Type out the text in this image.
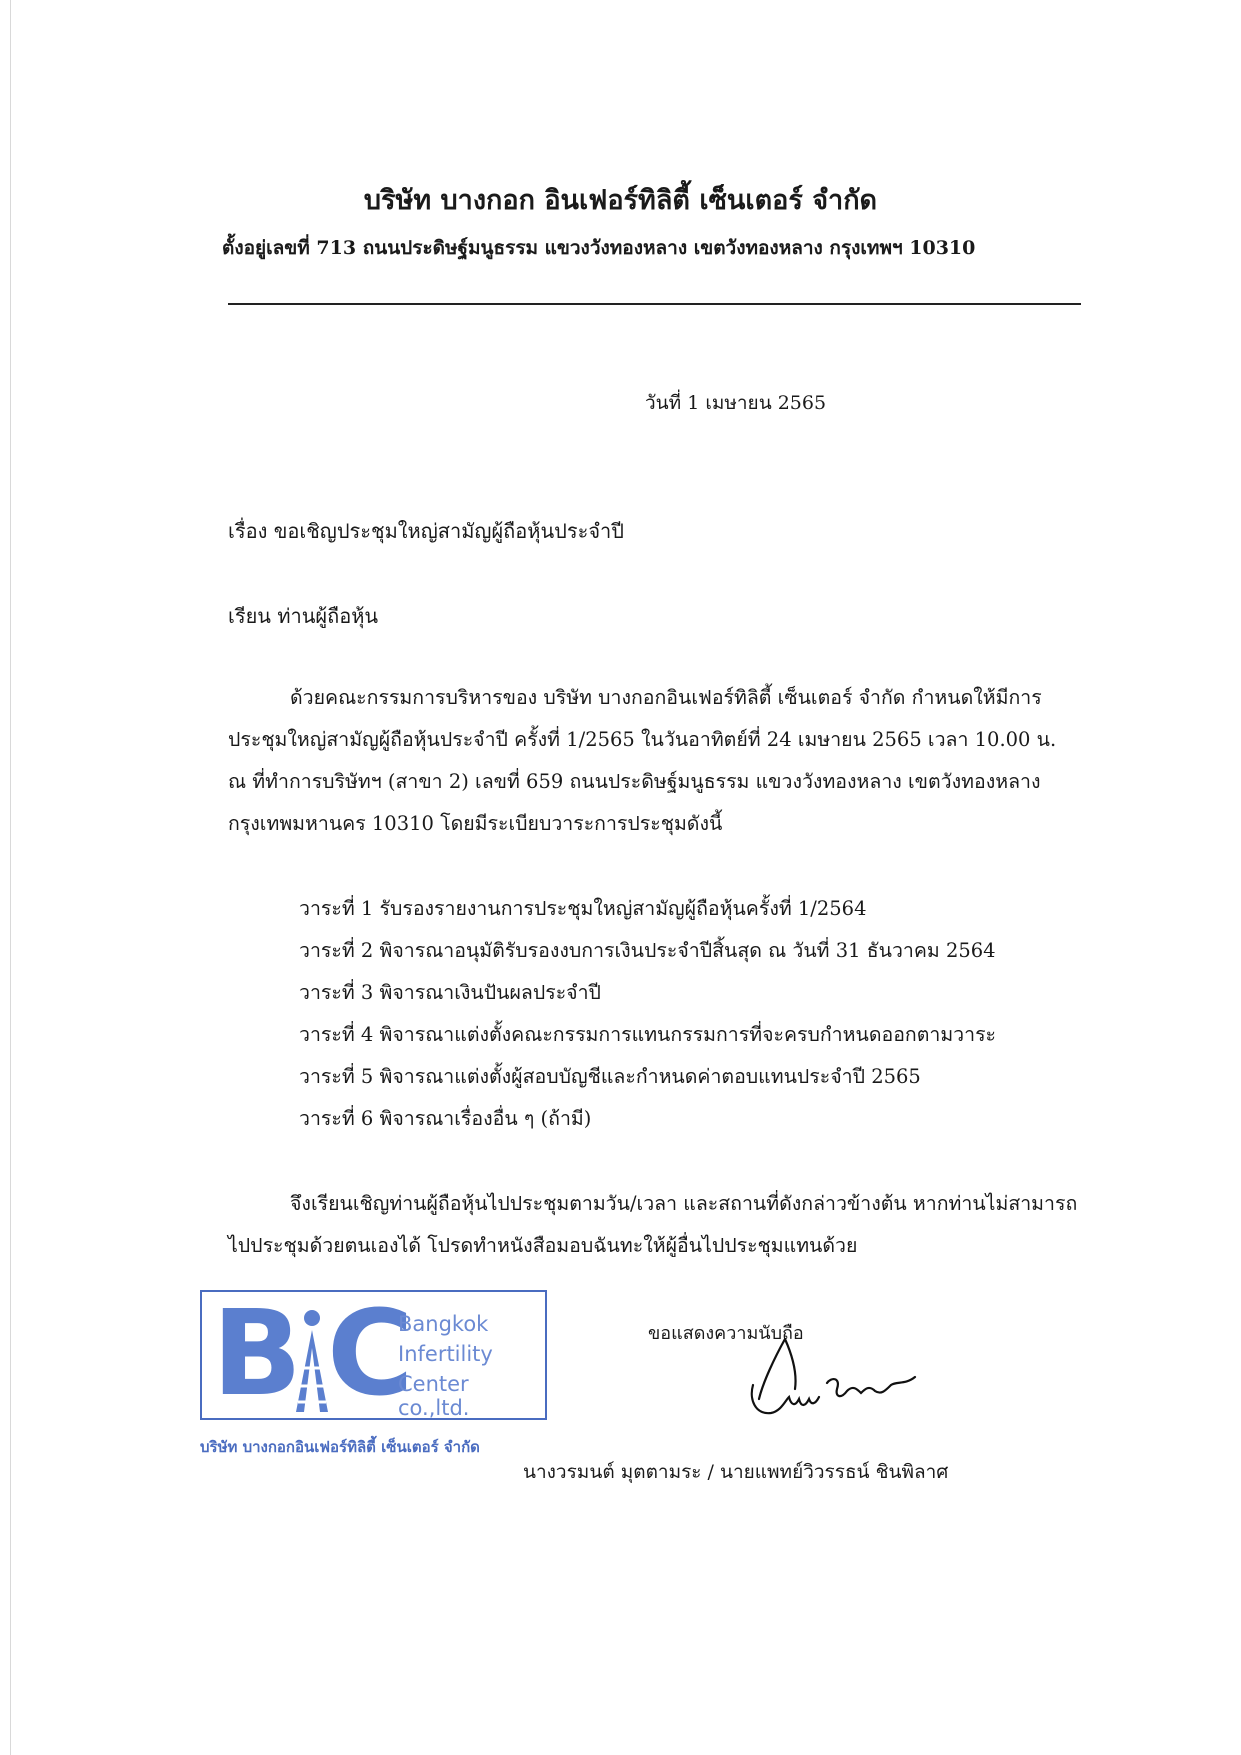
บริษัท บางกอก อินเฟอร์ทิลิตี้ เซ็นเตอร์ จำกัด
ตั้งอยู่เลขที่ 713 ถนนประดิษฐ์มนูธรรม แขวงวังทองหลาง เขตวังทองหลาง กรุงเทพฯ 10310
วันที่ 1 เมษายน 2565
เรื่อง ขอเชิญประชุมใหญ่สามัญผู้ถือหุ้นประจำปี
เรียน ท่านผู้ถือหุ้น
ด้วยคณะกรรมการบริหารของ บริษัท บางกอกอินเฟอร์ทิลิตี้ เซ็นเตอร์ จำกัด กำหนดให้มีการ
ประชุมใหญ่สามัญผู้ถือหุ้นประจำปี ครั้งที่ 1/2565 ในวันอาทิตย์ที่ 24 เมษายน 2565 เวลา 10.00 น.
ณ ที่ทำการบริษัทฯ (สาขา 2) เลขที่ 659 ถนนประดิษฐ์มนูธรรม แขวงวังทองหลาง เขตวังทองหลาง
กรุงเทพมหานคร 10310 โดยมีระเบียบวาระการประชุมดังนี้
วาระที่ 1 รับรองรายงานการประชุมใหญ่สามัญผู้ถือหุ้นครั้งที่ 1/2564
วาระที่ 2 พิจารณาอนุมัติรับรองงบการเงินประจำปีสิ้นสุด ณ วันที่ 31 ธันวาคม 2564
วาระที่ 3 พิจารณาเงินปันผลประจำปี
วาระที่ 4 พิจารณาแต่งตั้งคณะกรรมการแทนกรรมการที่จะครบกำหนดออกตามวาระ
วาระที่ 5 พิจารณาแต่งตั้งผู้สอบบัญชีและกำหนดค่าตอบแทนประจำปี 2565
วาระที่ 6 พิจารณาเรื่องอื่น ๆ (ถ้ามี)
จึงเรียนเชิญท่านผู้ถือหุ้นไปประชุมตามวัน/เวลา และสถานที่ดังกล่าวข้างต้น หากท่านไม่สามารถ
ไปประชุมด้วยตนเองได้ โปรดทำหนังสือมอบฉันทะให้ผู้อื่นไปประชุมแทนด้วย
B C
Bangkok
Infertility
Center co.,ltd.
บริษัท บางกอกอินเฟอร์ทิลิตี้ เซ็นเตอร์ จำกัด
ขอแสดงความนับถือ
นางวรมนต์ มุตตามระ / นายแพทย์วิวรรธน์ ชินพิลาศ
